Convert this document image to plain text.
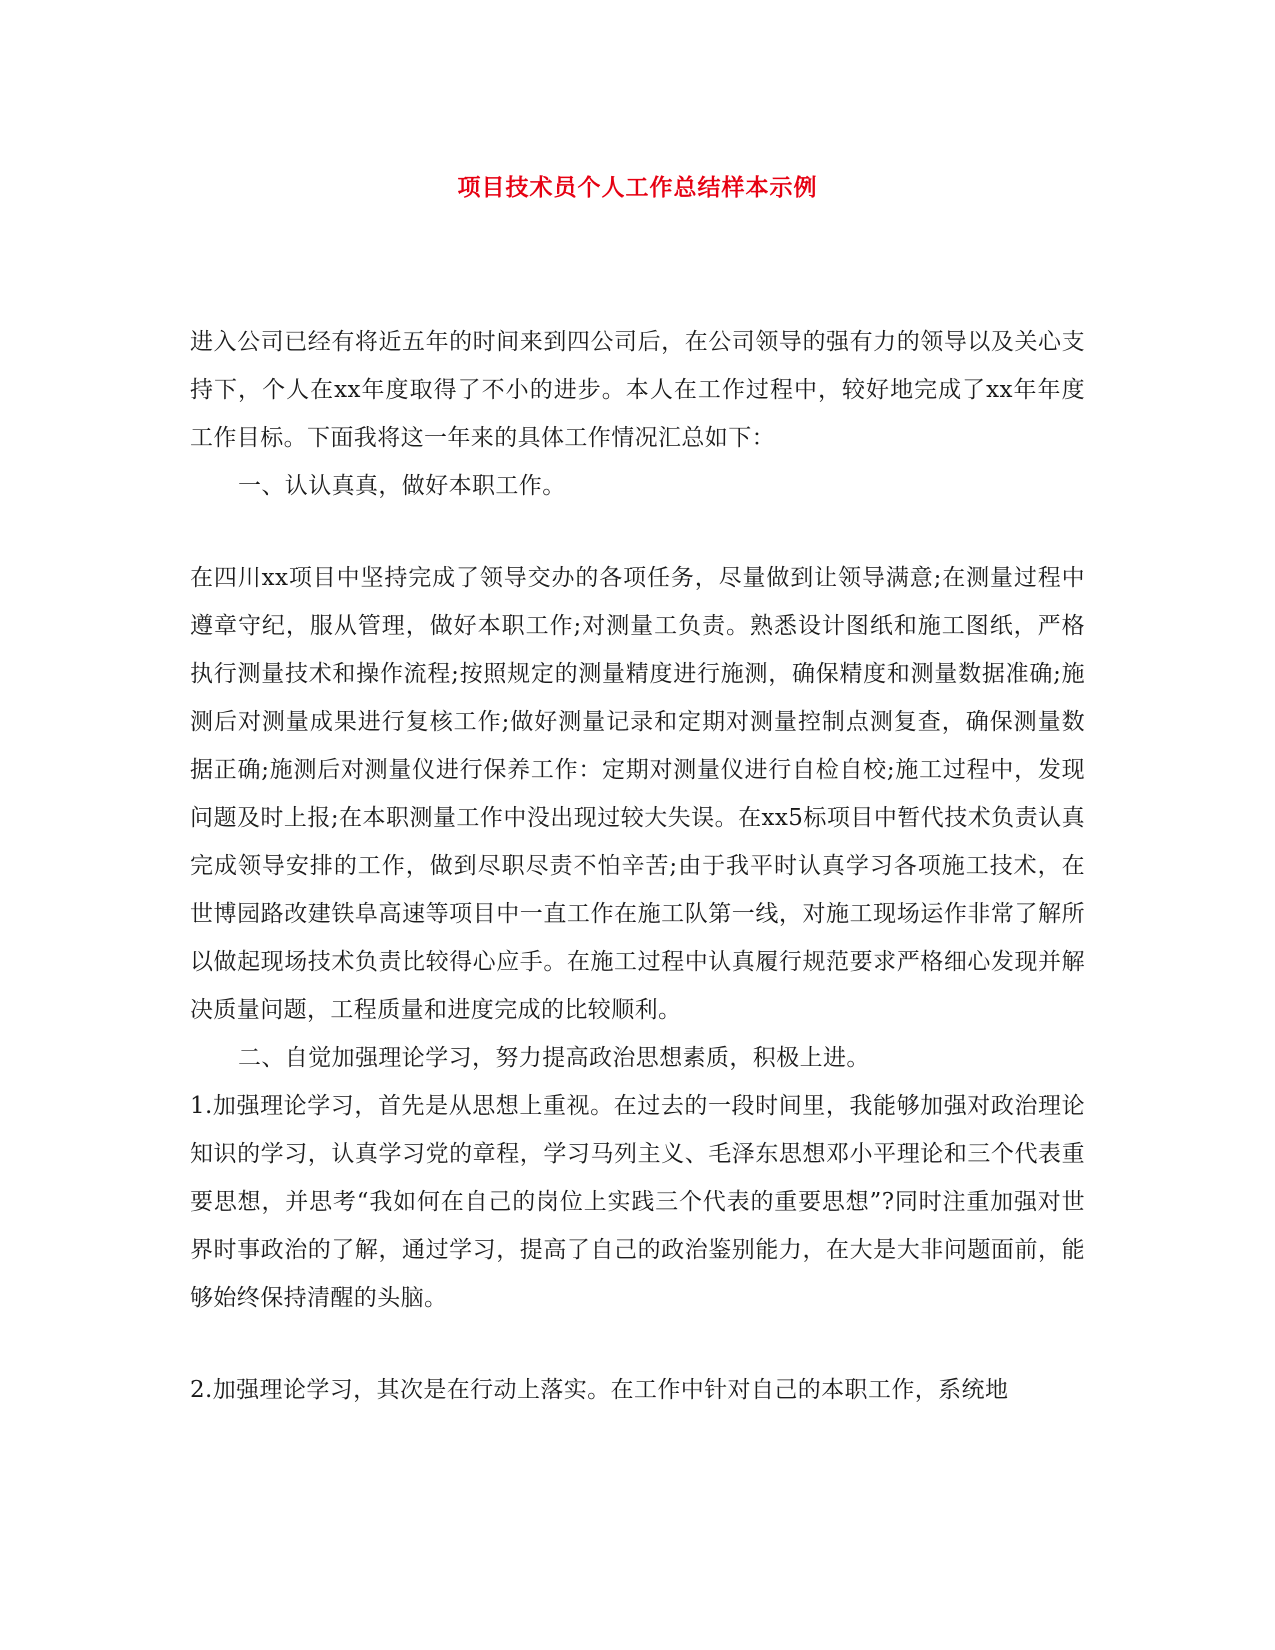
项目技术员个人工作总结样本示例

进入公司已经有将近五年的时间来到四公司后，在公司领导的强有力的领导以及关心支持下，个人在xx年度取得了不小的进步。本人在工作过程中，较好地完成了xx年年度工作目标。下面我将这一年来的具体工作情况汇总如下：

一、认认真真，做好本职工作。

在四川xx项目中坚持完成了领导交办的各项任务，尽量做到让领导满意;在测量过程中遵章守纪，服从管理，做好本职工作;对测量工负责。熟悉设计图纸和施工图纸，严格执行测量技术和操作流程;按照规定的测量精度进行施测，确保精度和测量数据准确;施测后对测量成果进行复核工作;做好测量记录和定期对测量控制点测复查，确保测量数据正确;施测后对测量仪进行保养工作：定期对测量仪进行自检自校;施工过程中，发现问题及时上报;在本职测量工作中没出现过较大失误。在xx5标项目中暂代技术负责认真完成领导安排的工作，做到尽职尽责不怕辛苦;由于我平时认真学习各项施工技术，在世博园路改建铁阜高速等项目中一直工作在施工队第一线，对施工现场运作非常了解所以做起现场技术负责比较得心应手。在施工过程中认真履行规范要求严格细心发现并解决质量问题，工程质量和进度完成的比较顺利。

二、自觉加强理论学习，努力提高政治思想素质，积极上进。

1.加强理论学习，首先是从思想上重视。在过去的一段时间里，我能够加强对政治理论知识的学习，认真学习党的章程，学习马列主义、毛泽东思想邓小平理论和三个代表重要思想，并思考“我如何在自己的岗位上实践三个代表的重要思想”?同时注重加强对世界时事政治的了解，通过学习，提高了自己的政治鉴别能力，在大是大非问题面前，能够始终保持清醒的头脑。

2.加强理论学习，其次是在行动上落实。在工作中针对自己的本职工作，系统地
